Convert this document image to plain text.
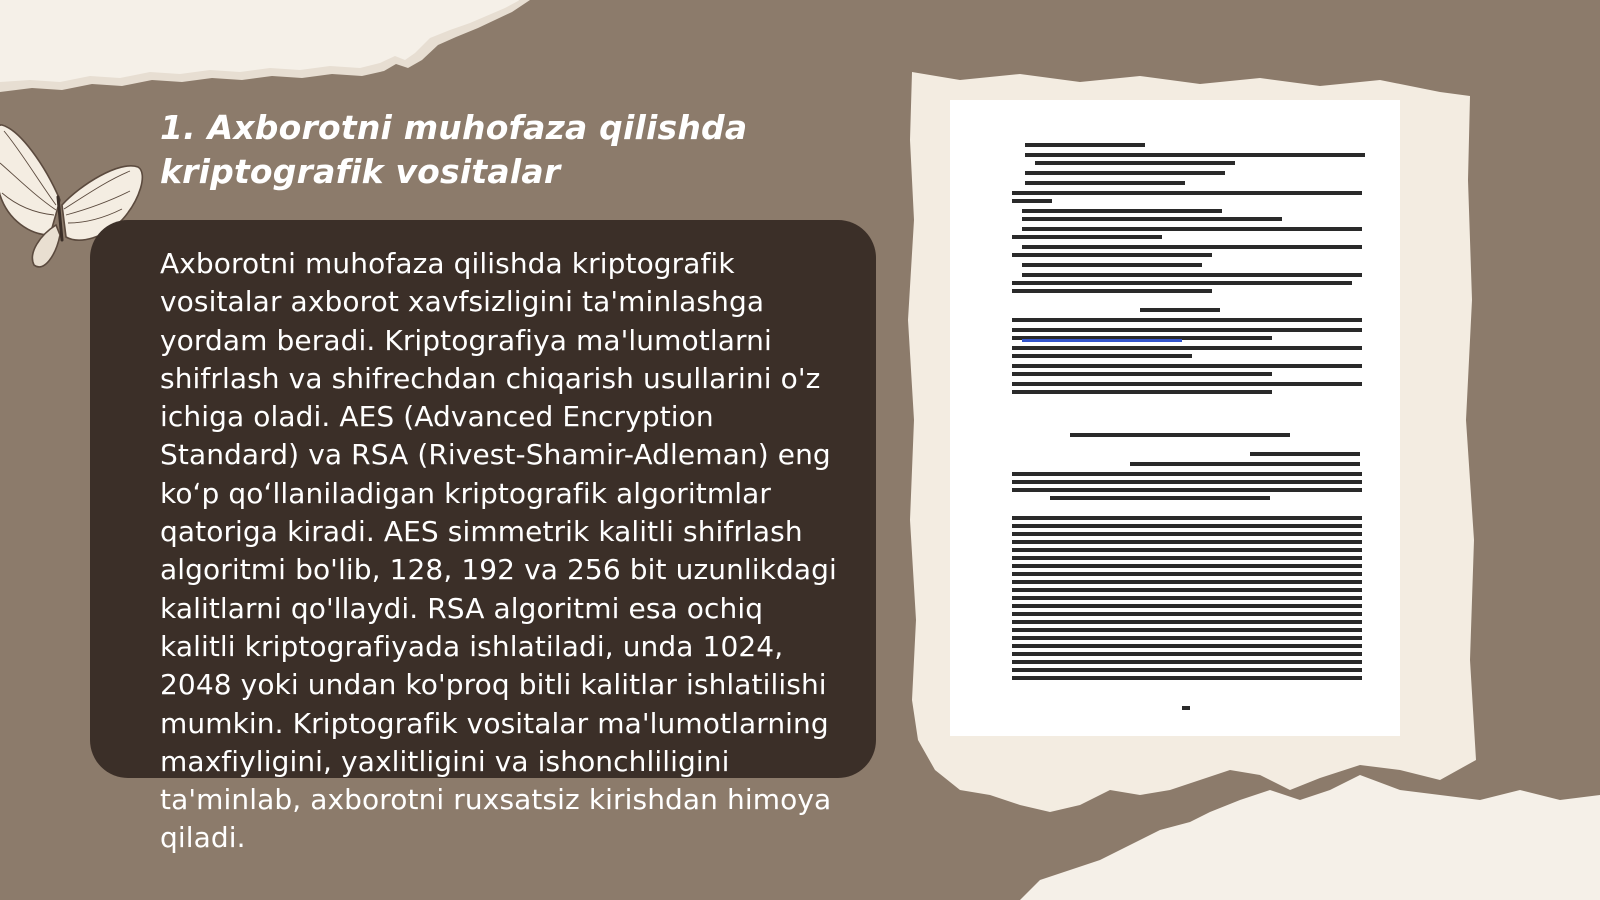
1. Axborotni muhofaza qilishda kriptografik vositalar

Axborotni muhofaza qilishda kriptografik vositalar axborot xavfsizligini ta'minlashga yordam beradi. Kriptografiya ma'lumotlarni shifrlash va shifrechdan chiqarish usullarini o'z ichiga oladi. AES (Advanced Encryption Standard) va RSA (Rivest-Shamir-Adleman) eng koʻp qoʻllaniladigan kriptografik algoritmlar qatoriga kiradi. AES simmetrik kalitli shifrlash algoritmi bo'lib, 128, 192 va 256 bit uzunlikdagi kalitlarni qo'llaydi. RSA algoritmi esa ochiq kalitli kriptografiyada ishlatiladi, unda 1024, 2048 yoki undan ko'proq bitli kalitlar ishlatilishi mumkin. Kriptografik vositalar ma'lumotlarning maxfiyligini, yaxlitligini va ishonchliligini ta'minlab, axborotni ruxsatsiz kirishdan himoya qiladi.
